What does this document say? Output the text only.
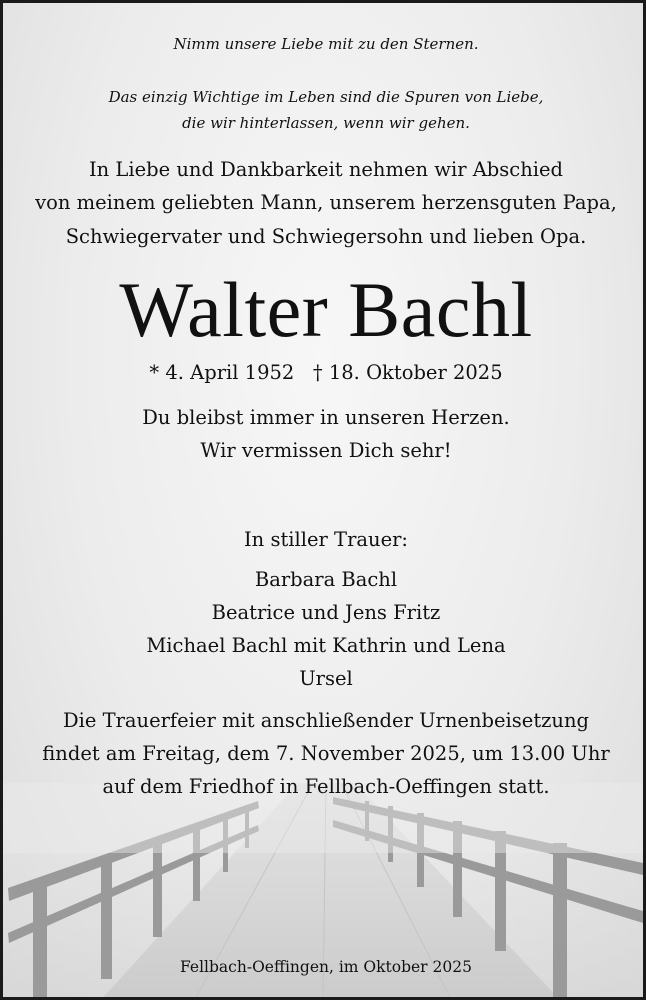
Nimm unsere Liebe mit zu den Sternen.

Das einzig Wichtige im Leben sind die Spuren von Liebe,

die wir hinterlassen, wenn wir gehen.

In Liebe und Dankbarkeit nehmen wir Abschied

von meinem geliebten Mann, unserem herzensguten Papa,

Schwiegervater und Schwiegersohn und lieben Opa.

Walter Bachl

* 4. April 1952   † 18. Oktober 2025

Du bleibst immer in unseren Herzen.

Wir vermissen Dich sehr!

In stiller Trauer:

Barbara Bachl

Beatrice und Jens Fritz

Michael Bachl mit Kathrin und Lena

Ursel

Die Trauerfeier mit anschließender Urnenbeisetzung

findet am Freitag, dem 7. November 2025, um 13.00 Uhr

auf dem Friedhof in Fellbach-Oeffingen statt.

Fellbach-Oeffingen, im Oktober 2025
